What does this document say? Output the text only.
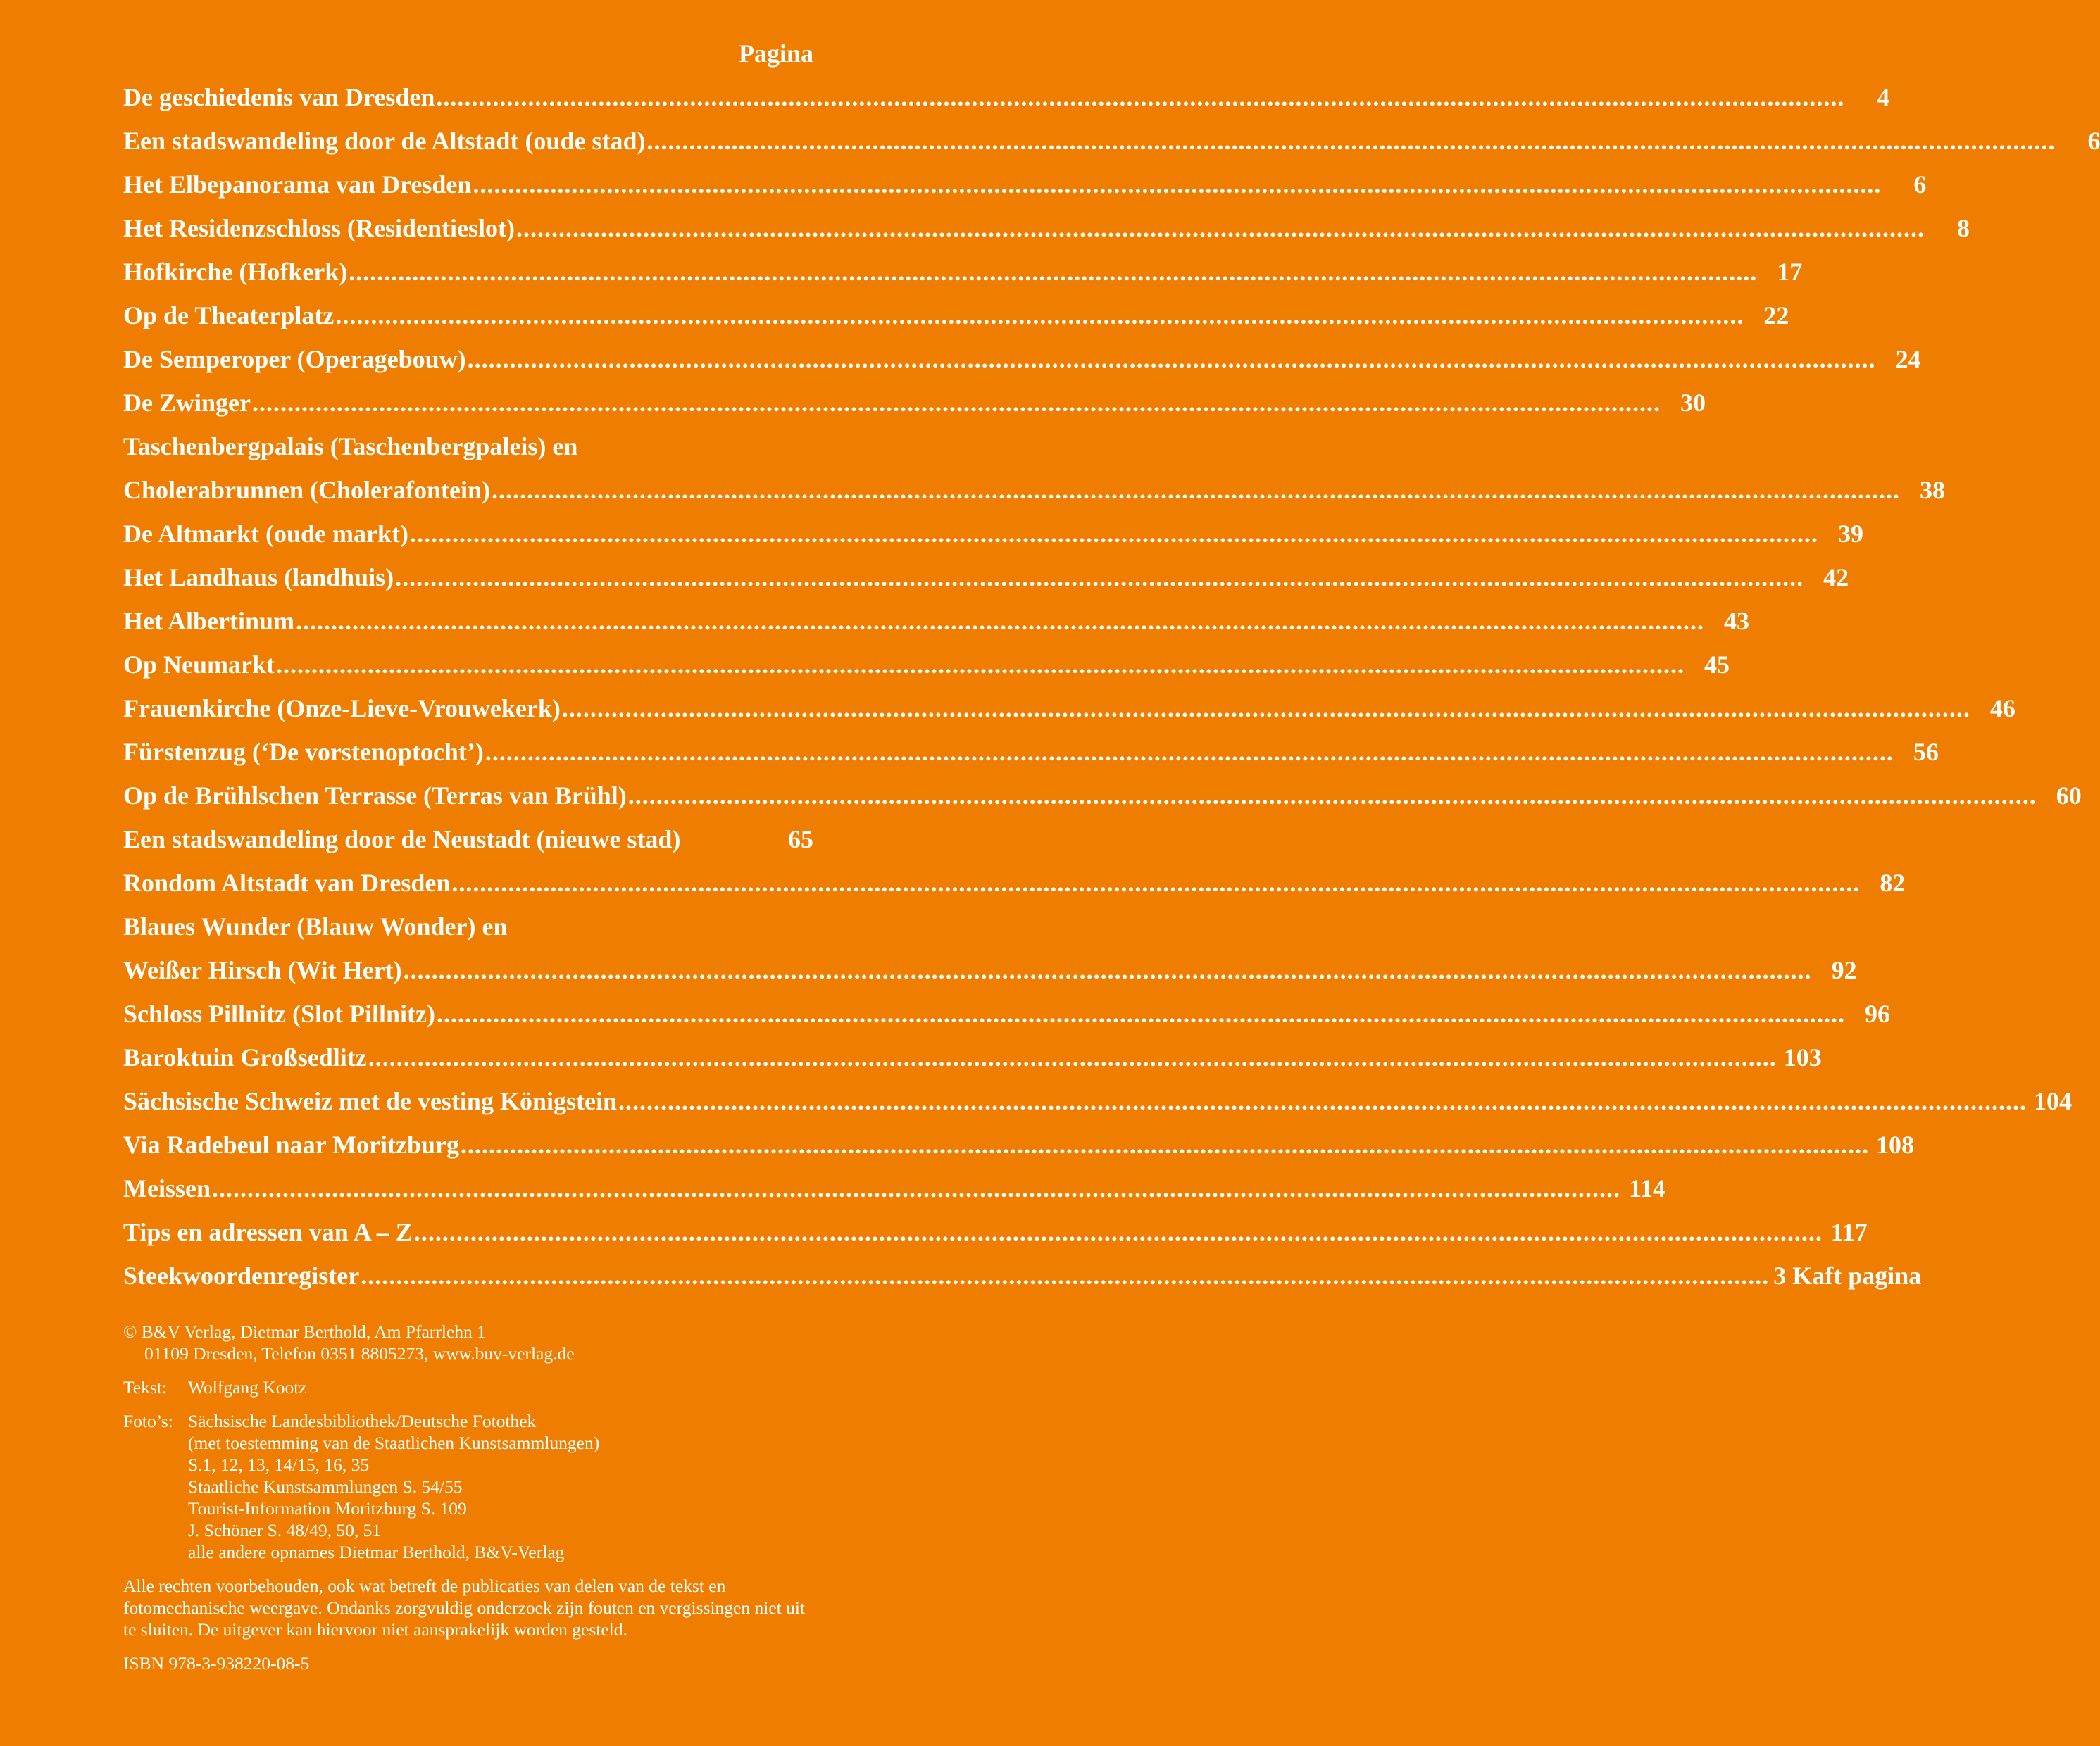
Pagina
De geschiedenis van Dresden ........................................................................................................................................................................................................	4
Een stadswandeling door de Altstadt (oude stad) ........................................................................................................................................................................................................	6
Het Elbepanorama van Dresden ........................................................................................................................................................................................................	6
Het Residenzschloss (Residentieslot) ........................................................................................................................................................................................................	8
Hofkirche (Hofkerk) ........................................................................................................................................................................................................ 17
Op de Theaterplatz ........................................................................................................................................................................................................ 22
De Semperoper (Operagebouw) ........................................................................................................................................................................................................ 24
De Zwinger ........................................................................................................................................................................................................ 30
Taschenbergpalais (Taschenbergpaleis) en
Cholerabrunnen (Cholerafontein) ........................................................................................................................................................................................................ 38
De Altmarkt (oude markt) ........................................................................................................................................................................................................ 39
Het Landhaus (landhuis) ........................................................................................................................................................................................................ 42
Het Albertinum ........................................................................................................................................................................................................ 43
Op Neumarkt ........................................................................................................................................................................................................ 45
Frauenkirche (Onze-Lieve-Vrouwekerk) ........................................................................................................................................................................................................ 46
Fürstenzug (‘De vorstenoptocht’) ........................................................................................................................................................................................................ 56
Op de Brühlschen Terrasse (Terras van Brühl) ........................................................................................................................................................................................................ 60
Een stadswandeling door de Neustadt (nieuwe stad)	65
Rondom Altstadt van Dresden ........................................................................................................................................................................................................ 82
Blaues Wunder (Blauw Wonder) en
Weißer Hirsch (Wit Hert) ........................................................................................................................................................................................................ 92
Schloss Pillnitz (Slot Pillnitz) ........................................................................................................................................................................................................ 96
Baroktuin Großsedlitz ........................................................................................................................................................................................................ 103
Sächsische Schweiz met de vesting Königstein ........................................................................................................................................................................................................ 104
Via Radebeul naar Moritzburg ........................................................................................................................................................................................................ 108
Meissen ........................................................................................................................................................................................................ 114
Tips en adressen van A – Z ........................................................................................................................................................................................................ 117
Steekwoordenregister ........................................................................................................................................................................................................ 3 Kaft pagina

© B&V Verlag, Dietmar Berthold, Am Pfarrlehn 1
01109 Dresden, Telefon 0351 8805273, www.buv-verlag.de

Tekst:	Wolfgang Kootz

Foto’s: Sächsische Landesbibliothek/Deutsche Fotothek
(met toestemming van de Staatlichen Kunstsammlungen)
S.1, 12, 13, 14/15, 16, 35
Staatliche Kunstsammlungen S. 54/55
Tourist-Information Moritzburg S. 109
J. Schöner S. 48/49, 50, 51
alle andere opnames Dietmar Berthold, B&V-Verlag

Alle rechten voorbehouden, ook wat betreft de publicaties van delen van de tekst en fotomechanische weergave. Ondanks zorgvuldig onderzoek zijn fouten en vergissingen niet uit te sluiten. De uitgever kan hiervoor niet aansprakelijk worden gesteld.

ISBN 978-3-938220-08-5
